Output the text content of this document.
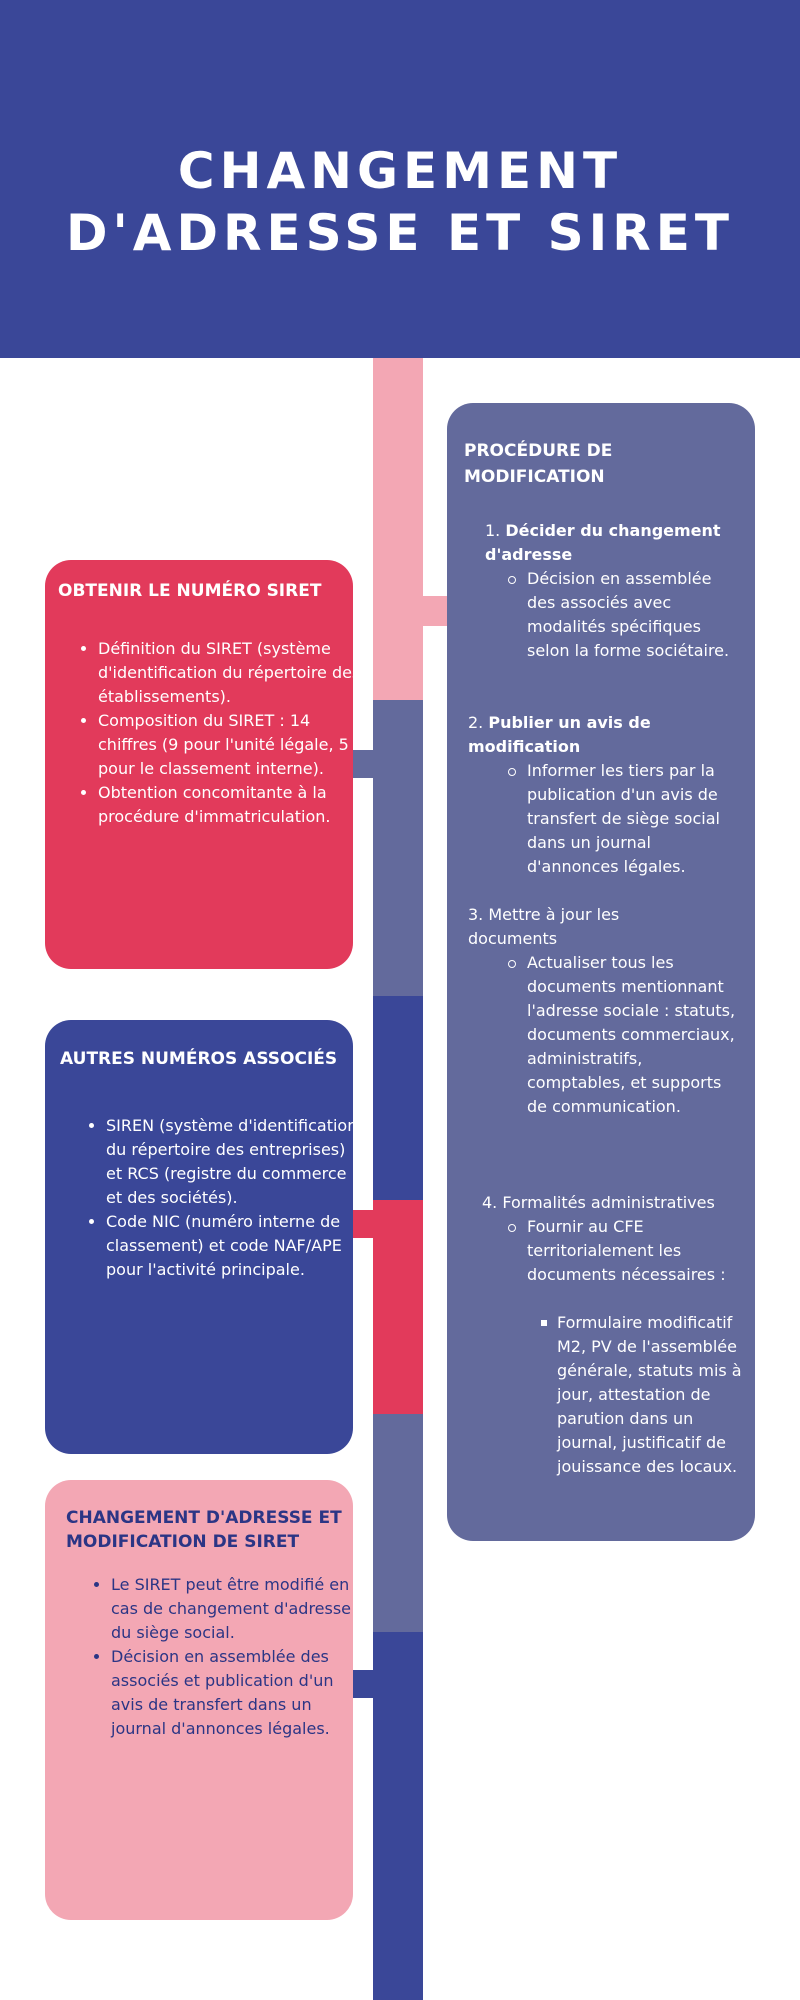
CHANGEMENT
D'ADRESSE ET SIRET
OBTENIR LE NUMÉRO SIRET
• Définition du SIRET (système d'identification du répertoire des établissements).
• Composition du SIRET : 14 chiffres (9 pour l'unité légale, 5 pour le classement interne).
• Obtention concomitante à la procédure d'immatriculation.
AUTRES NUMÉROS ASSOCIÉS
• SIREN (système d'identification du répertoire des entreprises) et RCS (registre du commerce et des sociétés).
• Code NIC (numéro interne de classement) et code NAF/APE pour l'activité principale.
CHANGEMENT D'ADRESSE ET MODIFICATION DE SIRET
• Le SIRET peut être modifié en cas de changement d'adresse du siège social.
• Décision en assemblée des associés et publication d'un avis de transfert dans un journal d'annonces légales.
PROCÉDURE DE MODIFICATION
1. Décider du changement d'adresse
Décision en assemblée des associés avec modalités spécifiques selon la forme sociétaire.
2. Publier un avis de modification
Informer les tiers par la publication d'un avis de transfert de siège social dans un journal d'annonces légales.
3. Mettre à jour les documents
Actualiser tous les documents mentionnant l'adresse sociale : statuts, documents commerciaux, administratifs, comptables, et supports de communication.
4. Formalités administratives
Fournir au CFE territorialement les documents nécessaires :
Formulaire modificatif M2, PV de l'assemblée générale, statuts mis à jour, attestation de parution dans un journal, justificatif de jouissance des locaux.
